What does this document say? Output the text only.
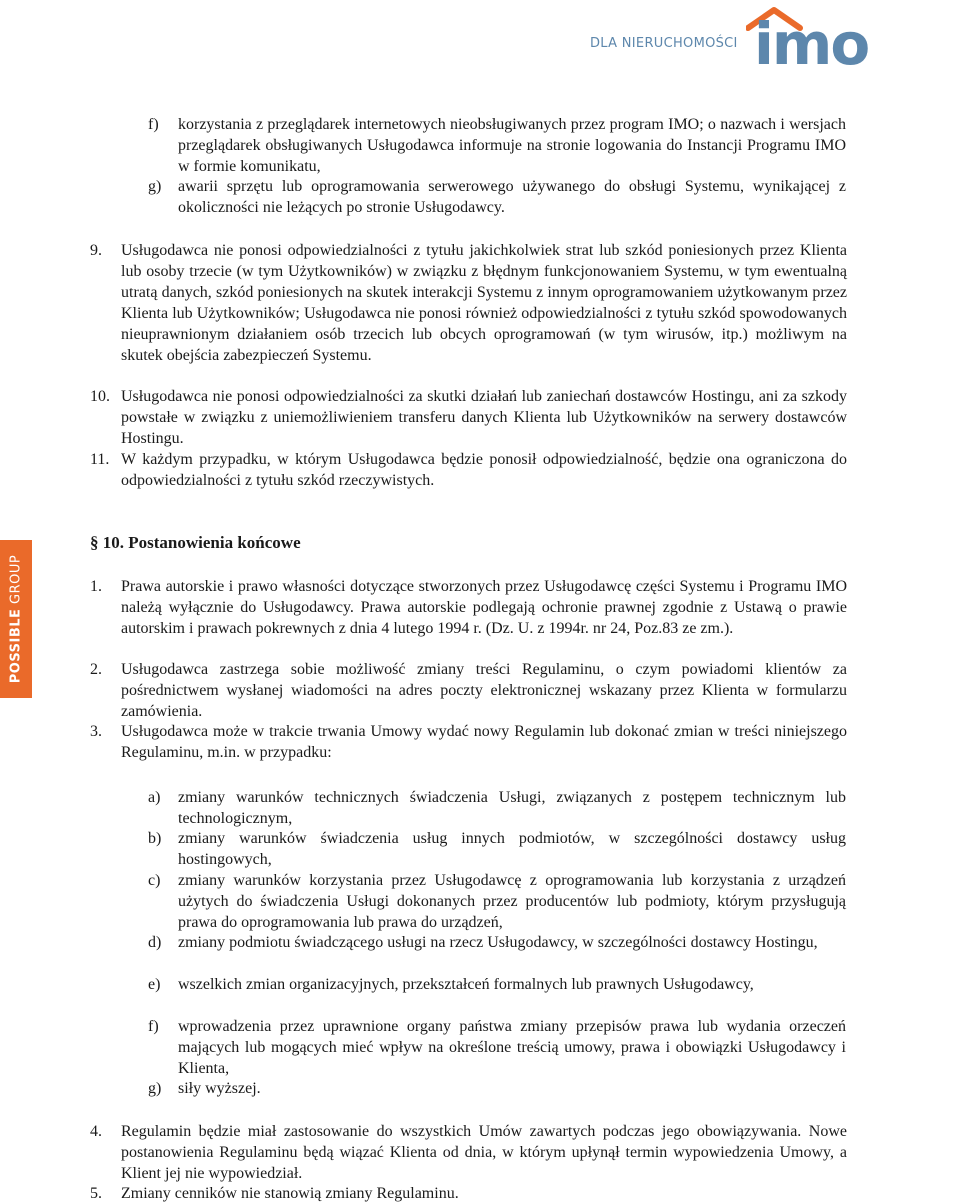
DLA NIERUCHOMOŚCI imo
POSSIBLE GROUP
f) korzystania z przeglądarek internetowych nieobsługiwanych przez program IMO; o nazwach i wersjach przeglądarek obsługiwanych Usługodawca informuje na stronie logowania do Instancji Programu IMO w formie komunikatu,
g) awarii sprzętu lub oprogramowania serwerowego używanego do obsługi Systemu, wynikającej z okoliczności nie leżących po stronie Usługodawcy.
9. Usługodawca nie ponosi odpowiedzialności z tytułu jakichkolwiek strat lub szkód poniesionych przez Klienta lub osoby trzecie (w tym Użytkowników) w związku z błędnym funkcjonowaniem Systemu, w tym ewentualną utratą danych, szkód poniesionych na skutek interakcji Systemu z innym oprogramowaniem użytkowanym przez Klienta lub Użytkowników; Usługodawca nie ponosi również odpowiedzialności z tytułu szkód spowodowanych nieuprawnionym działaniem osób trzecich lub obcych oprogramowań (w tym wirusów, itp.) możliwym na skutek obejścia zabezpieczeń Systemu.
10. Usługodawca nie ponosi odpowiedzialności za skutki działań lub zaniechań dostawców Hostingu, ani za szkody powstałe w związku z uniemożliwieniem transferu danych Klienta lub Użytkowników na serwery dostawców Hostingu.
11. W każdym przypadku, w którym Usługodawca będzie ponosił odpowiedzialność, będzie ona ograniczona do odpowiedzialności z tytułu szkód rzeczywistych.
§ 10. Postanowienia końcowe
1. Prawa autorskie i prawo własności dotyczące stworzonych przez Usługodawcę części Systemu i Programu IMO należą wyłącznie do Usługodawcy. Prawa autorskie podlegają ochronie prawnej zgodnie z Ustawą o prawie autorskim i prawach pokrewnych z dnia 4 lutego 1994 r. (Dz. U. z 1994r. nr 24, Poz.83 ze zm.).
2. Usługodawca zastrzega sobie możliwość zmiany treści Regulaminu, o czym powiadomi klientów za pośrednictwem wysłanej wiadomości na adres poczty elektronicznej wskazany przez Klienta w formularzu zamówienia.
3. Usługodawca może w trakcie trwania Umowy wydać nowy Regulamin lub dokonać zmian w treści niniejszego Regulaminu, m.in. w przypadku:
a) zmiany warunków technicznych świadczenia Usługi, związanych z postępem technicznym lub technologicznym,
b) zmiany warunków świadczenia usług innych podmiotów, w szczególności dostawcy usług hostingowych,
c) zmiany warunków korzystania przez Usługodawcę z oprogramowania lub korzystania z urządzeń użytych do świadczenia Usługi dokonanych przez producentów lub podmioty, którym przysługują prawa do oprogramowania lub prawa do urządzeń,
d) zmiany podmiotu świadczącego usługi na rzecz Usługodawcy, w szczególności dostawcy Hostingu,
e) wszelkich zmian organizacyjnych, przekształceń formalnych lub prawnych Usługodawcy,
f) wprowadzenia przez uprawnione organy państwa zmiany przepisów prawa lub wydania orzeczeń mających lub mogących mieć wpływ na określone treścią umowy, prawa i obowiązki Usługodawcy i Klienta,
g) siły wyższej.
4. Regulamin będzie miał zastosowanie do wszystkich Umów zawartych podczas jego obowiązywania. Nowe postanowienia Regulaminu będą wiązać Klienta od dnia, w którym upłynął termin wypowiedzenia Umowy, a Klient jej nie wypowiedział.
5. Zmiany cenników nie stanowią zmiany Regulaminu.
